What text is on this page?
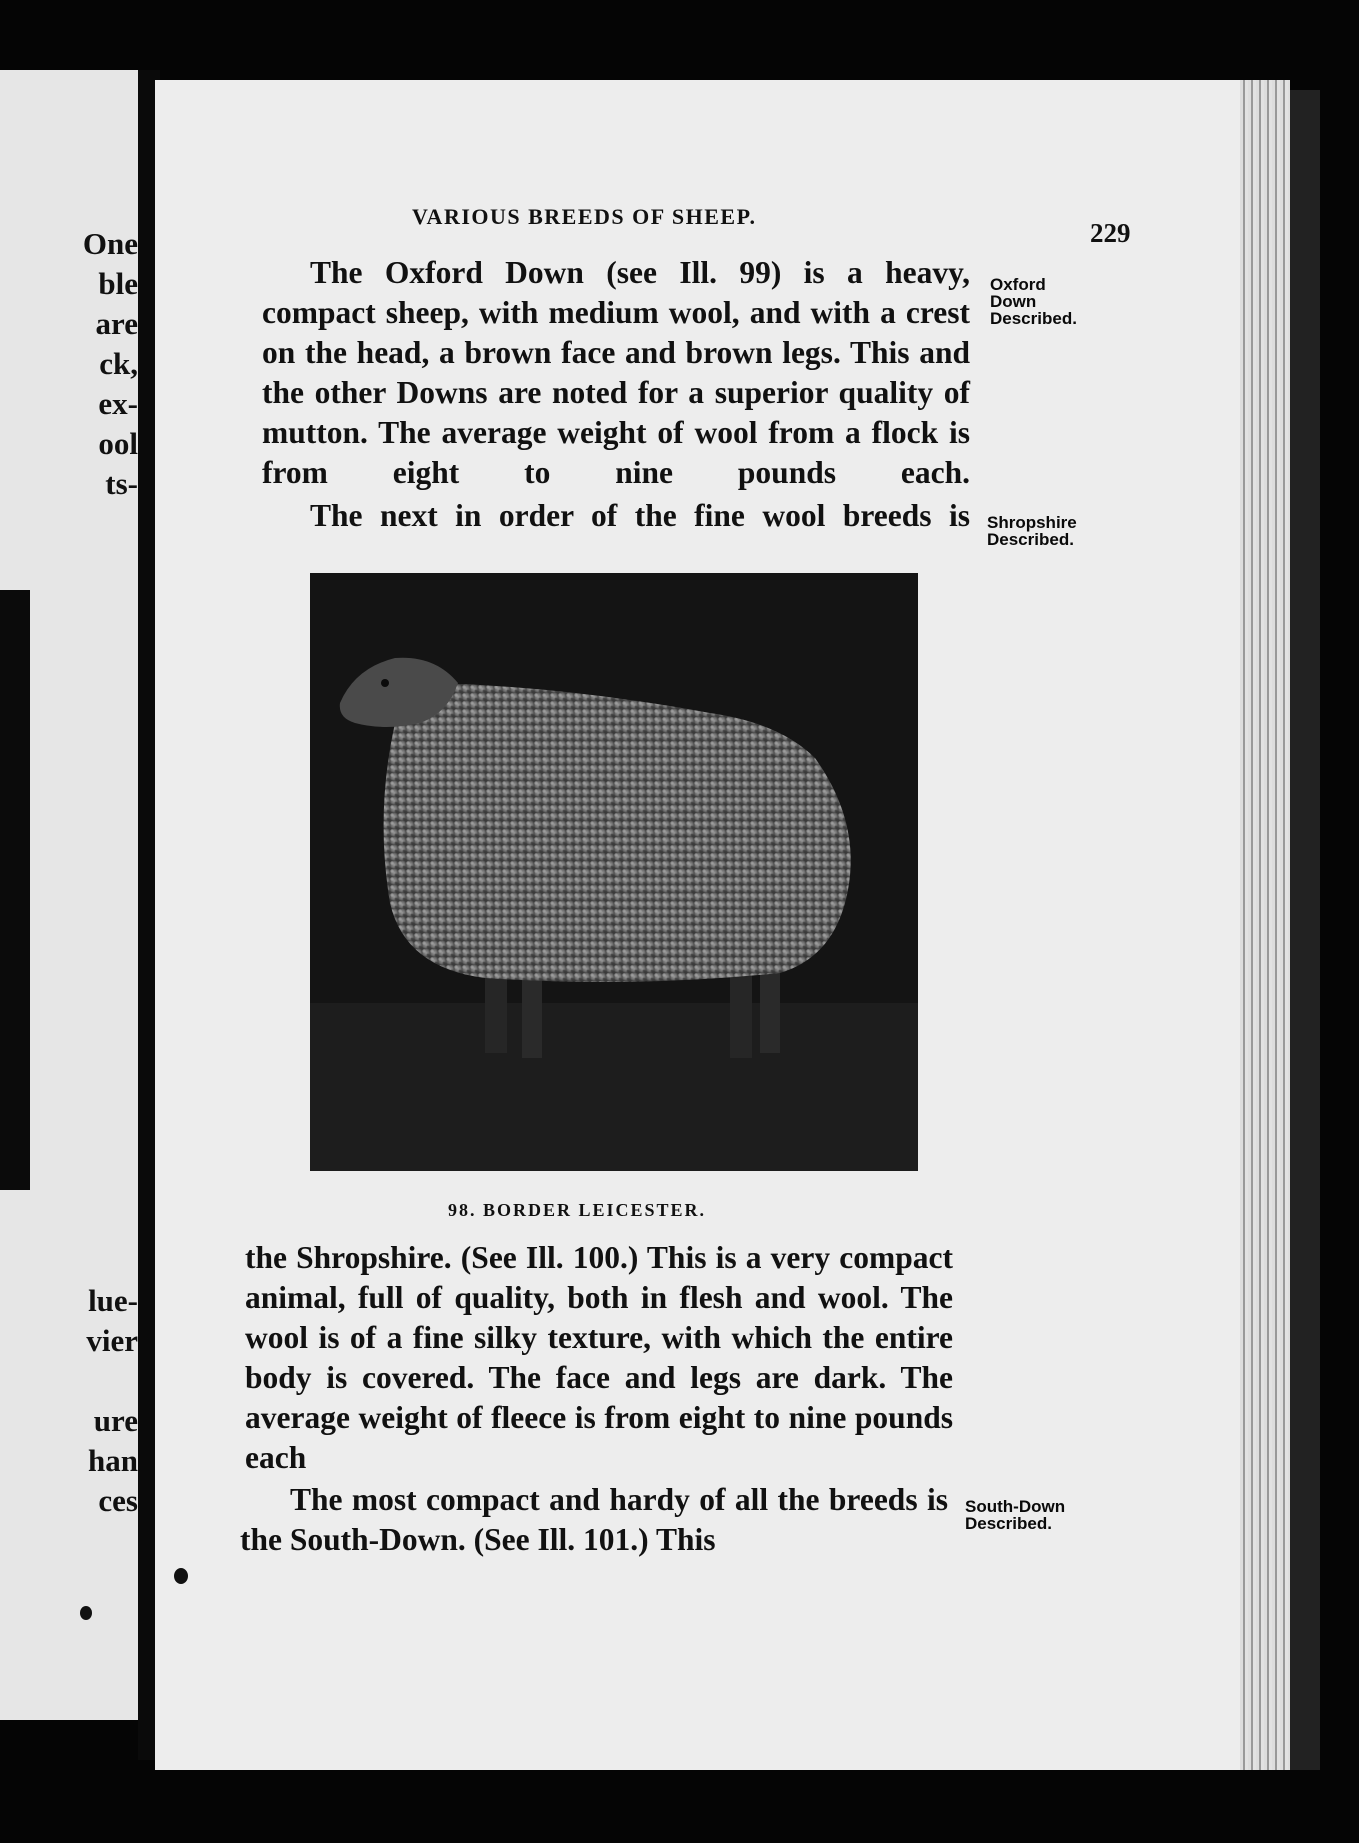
One
ble
are
ck,
ex-
ool
ts-
lue-
vier
ure
han
ces
VARIOUS BREEDS OF SHEEP.
229
The Oxford Down (see Ill. 99) is a heavy, compact sheep, with medium wool, and with a crest on the head, a brown face and brown legs. This and the other Downs are noted for a superior quality of mutton. The average weight of wool from a flock is from eight to nine pounds each.
Oxford
Down
Described.
The next in order of the fine wool breeds is Shropshire
Described.
98. BORDER LEICESTER.
the Shropshire. (See Ill. 100.) This is a very compact animal, full of quality, both in flesh and wool. The wool is of a fine silky texture, with which the entire body is covered. The face and legs are dark. The average weight of fleece is from eight to nine pounds each
The most compact and hardy of all the breeds is the South-Down. (See Ill. 101.) This
South-Down
Described.
